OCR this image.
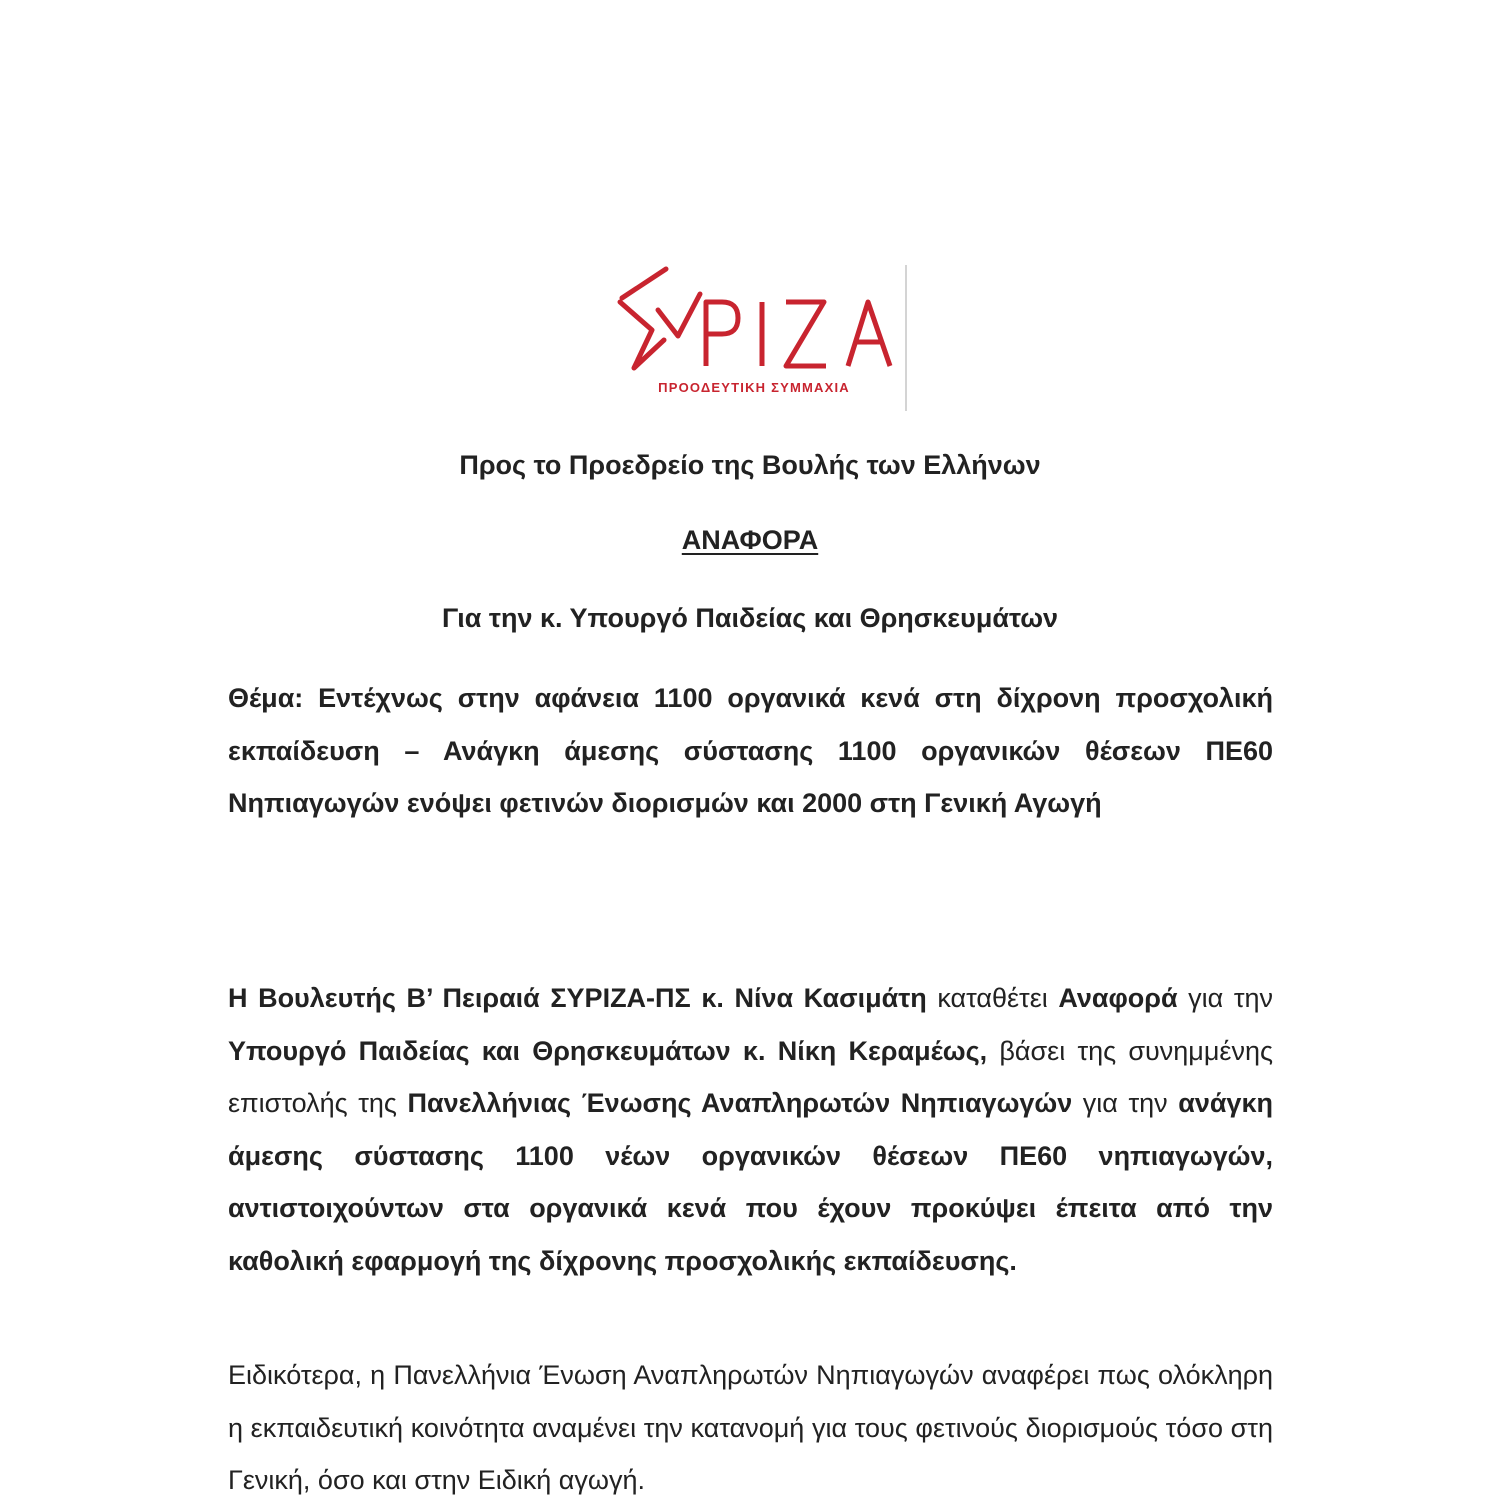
ΠΡΟΟΔΕΥΤΙΚΗ ΣΥΜΜΑΧΙΑ
Προς το Προεδρείο της Βουλής των Ελλήνων
ΑΝΑΦΟΡΑ
Για την κ. Υπουργό Παιδείας και Θρησκευμάτων
Θέμα: Εντέχνως στην αφάνεια 1100 οργανικά κενά στη δίχρονη προσχολική εκπαίδευση – Ανάγκη άμεσης σύστασης 1100 οργανικών θέσεων ΠΕ60 Νηπιαγωγών ενόψει φετινών διορισμών και 2000 στη Γενική Αγωγή
Η Βουλευτής Β’ Πειραιά ΣΥΡΙΖΑ-ΠΣ κ. Νίνα Κασιμάτη καταθέτει Αναφορά για την Υπουργό Παιδείας και Θρησκευμάτων κ. Νίκη Κεραμέως, βάσει της συνημμένης επιστολής της Πανελλήνιας Ένωσης Αναπληρωτών Νηπιαγωγών για την ανάγκη άμεσης σύστασης 1100 νέων οργανικών θέσεων ΠΕ60 νηπιαγωγών, αντιστοιχούντων στα οργανικά κενά που έχουν προκύψει έπειτα από την καθολική εφαρμογή της δίχρονης προσχολικής εκπαίδευσης.
Ειδικότερα, η Πανελλήνια Ένωση Αναπληρωτών Νηπιαγωγών αναφέρει πως ολόκληρη η εκπαιδευτική κοινότητα αναμένει την κατανομή για τους φετινούς διορισμούς τόσο στη Γενική, όσο και στην Ειδική αγωγή.
